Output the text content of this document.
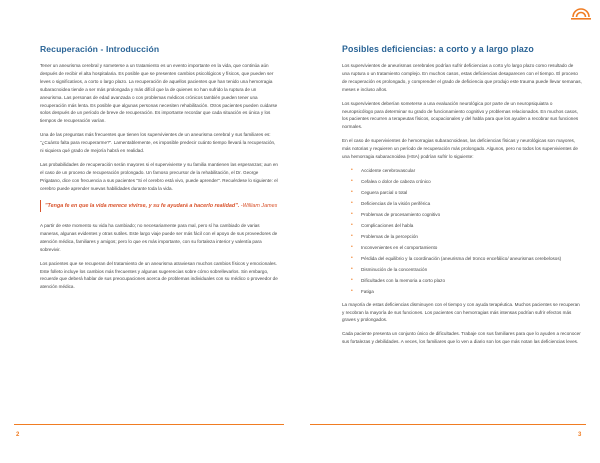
Recuperación - Introducción

Tener un aneurisma cerebral y someterse a un tratamiento es un evento importante en la vida, que continúa aún después de recibir el alta hospitalaria. Es posible que se presenten cambios psicológicos y físicos, que pueden ser leves o significativos, a corto o largo plazo. La recuperación de aquellos pacientes que han tenido una hemorragia subaracnoidea tiende a ser más prolongada y más difícil que la de quienes no han sufrido la ruptura de un aneurisma. Las personas de edad avanzada o con problemas médicos crónicos también pueden tener una recuperación más lenta. Es posible que algunas personas necesiten rehabilitación. Otros pacientes pueden cuidarse solos después de un período de breve de recuperación. Es importante recordar que cada situación es única y los tiempos de recuperación varían.

Una de las preguntas más frecuentes que tienen los supervivientes de un aneurisma cerebral y sus familiares es: "¿Cuánto falta para recuperarme?". Lamentablemente, es imposible predecir cuánto tiempo llevará la recuperación, ni siquiera qué grado de mejoría habrá en realidad.

Las probabilidades de recuperación serán mayores si el superviviente y su familia mantienen las esperanzas; aun en el caso de un proceso de recuperación prolongado. Un famoso precursor de la rehabilitación, el Dr. George Prigatano, dice con frecuencia a sus pacientes "Si el cerebro está vivo, puede aprender". Recuérdese lo siguiente: el cerebro puede aprender nuevas habilidades durante toda la vida.

"Tenga fe en que la vida merece vivirse, y su fe ayudará a hacerlo realidad". -William James

A partir de este momento su vida ha cambiado; no necesariamente para mal, pero sí ha cambiado de varias maneras, algunas evidentes y otras sutiles. Este largo viaje puede ser más fácil con el apoyo de sus proveedores de atención médica, familiares y amigos; pero lo que es más importante, con su fortaleza interior y valentía para sobrevivir.

Los pacientes que se recuperan del tratamiento de un aneurisma atraviesan muchos cambios físicos y emocionales. Este folleto incluye los cambios más frecuentes y algunas sugerencias sobre cómo sobrellevarlos. Sin embargo, recuerde que deberá hablar de sus preocupaciones acerca de problemas individuales con su médico o proveedor de atención médica.

2
Posibles deficiencias: a corto y a largo plazo

Los supervivientes de aneurismas cerebrales podrían sufrir deficiencias a corto y/o largo plazo como resultado de una ruptura o un tratamiento complejo. En muchos casos, estas deficiencias desaparecen con el tiempo. El proceso de recuperación es prolongado, y comprender el grado de deficiencia que produjo este trauma puede llevar semanas, meses e incluso años.

Los supervivientes deberían someterse a una evaluación neurológica por parte de un neuropsiquiatra o neuropsicólogo para determinar su grado de funcionamiento cognitivo y problemas relacionados. En muchos casos, los pacientes recurren a terapeutas físicos, ocupacionales y del habla para que los ayuden a recobrar sus funciones normales.

En el caso de supervivientes de hemorragias subaracnoideas, las deficiencias físicas y neurológicas son mayores, más notorias y requieren un período de recuperación más prolongado. Algunos, pero no todos los supervivientes de una hemorragia subaracnoidea (HSA) podrían sufrir lo siguiente:

• Accidente cerebrovascular
• Cefalea o dolor de cabeza crónico
• Ceguera parcial o total
• Deficiencias de la visión periférica
• Problemas de procesamiento cognitivo
• Complicaciones del habla
• Problemas de la percepción
• Inconvenientes en el comportamiento
• Pérdida del equilibrio y la coordinación (aneurisma del tronco encefálico/ aneurismas cerebelosos)
• Disminución de la concentración
• Dificultades con la memoria a corto plazo
• Fatiga

La mayoría de estas deficiencias disminuyen con el tiempo y con ayuda terapéutica. Muchos pacientes se recuperan y recobran la mayoría de sus funciones. Los pacientes con hemorragias más intensas podrían sufrir efectos más graves y prolongados.

Cada paciente presenta un conjunto único de dificultades. Trabaje con sus familiares para que lo ayuden a reconocer sus fortalezas y debilidades. A veces, los familiares que lo ven a diario son los que más notan las deficiencias leves.

3
